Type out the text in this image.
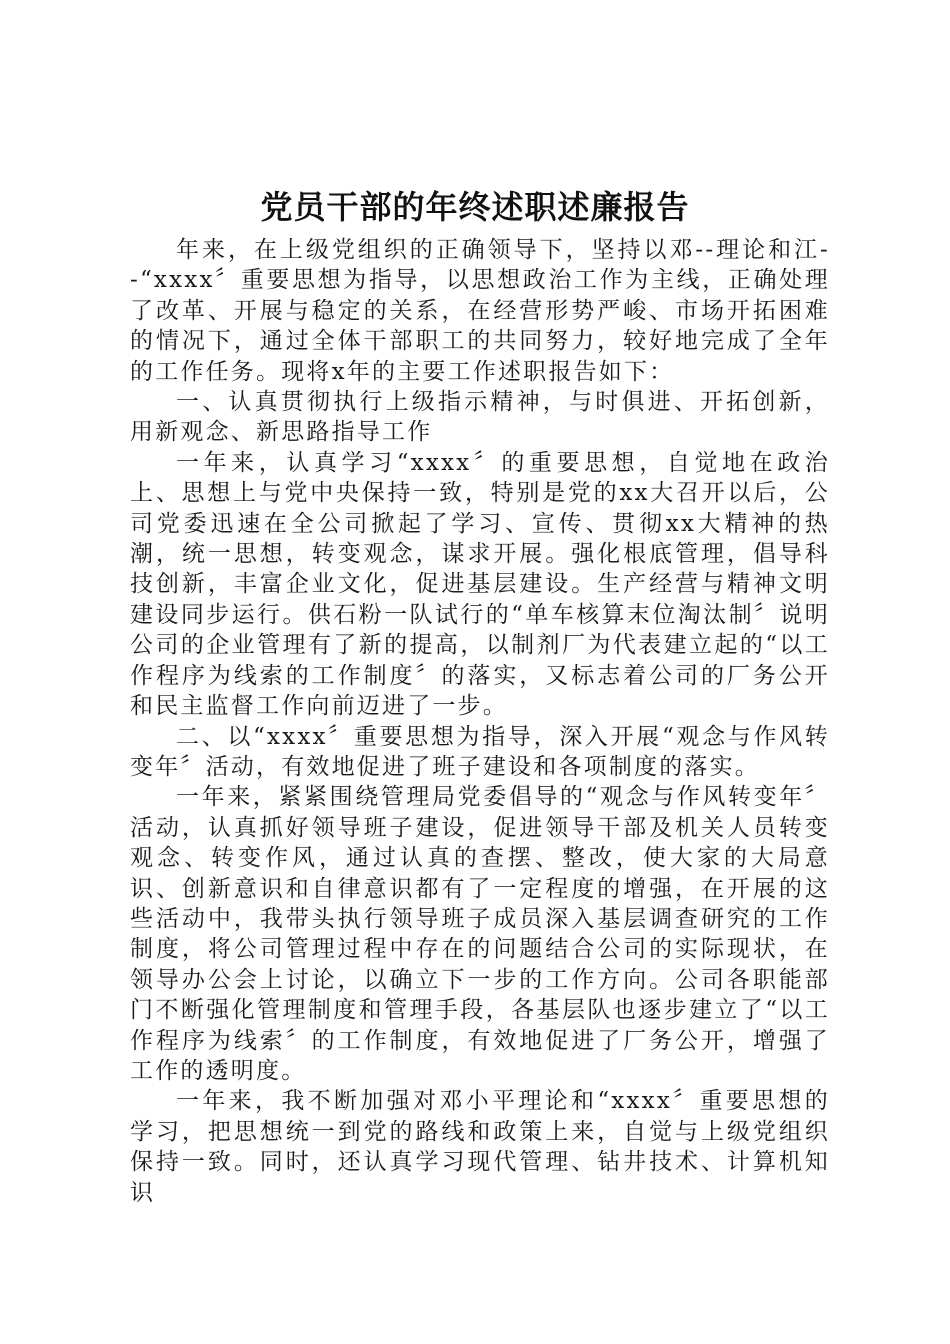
党员干部的年终述职述廉报告

年来，在上级党组织的正确领导下，坚持以邓--理论和江--“xxxx〞重要思想为指导，以思想政治工作为主线，正确处理了改革、开展与稳定的关系，在经营形势严峻、市场开拓困难的情况下，通过全体干部职工的共同努力，较好地完成了全年的工作任务。现将x年的主要工作述职报告如下：

一、认真贯彻执行上级指示精神，与时俱进、开拓创新，用新观念、新思路指导工作

一年来，认真学习“xxxx〞的重要思想，自觉地在政治上、思想上与党中央保持一致，特别是党的xx大召开以后，公司党委迅速在全公司掀起了学习、宣传、贯彻xx大精神的热潮，统一思想，转变观念，谋求开展。强化根底管理，倡导科技创新，丰富企业文化，促进基层建设。生产经营与精神文明建设同步运行。供石粉一队试行的“单车核算末位淘汰制〞说明公司的企业管理有了新的提高，以制剂厂为代表建立起的“以工作程序为线索的工作制度〞的落实，又标志着公司的厂务公开和民主监督工作向前迈进了一步。

二、以“xxxx〞重要思想为指导，深入开展“观念与作风转变年〞活动，有效地促进了班子建设和各项制度的落实。

一年来，紧紧围绕管理局党委倡导的“观念与作风转变年〞活动，认真抓好领导班子建设，促进领导干部及机关人员转变观念、转变作风，通过认真的查摆、整改，使大家的大局意识、创新意识和自律意识都有了一定程度的增强，在开展的这些活动中，我带头执行领导班子成员深入基层调查研究的工作制度，将公司管理过程中存在的问题结合公司的实际现状，在领导办公会上讨论，以确立下一步的工作方向。公司各职能部门不断强化管理制度和管理手段，各基层队也逐步建立了“以工作程序为线索〞的工作制度，有效地促进了厂务公开，增强了工作的透明度。

一年来，我不断加强对邓小平理论和“xxxx〞重要思想的学习，把思想统一到党的路线和政策上来，自觉与上级党组织保持一致。同时，还认真学习现代管理、钻井技术、计算机知识
